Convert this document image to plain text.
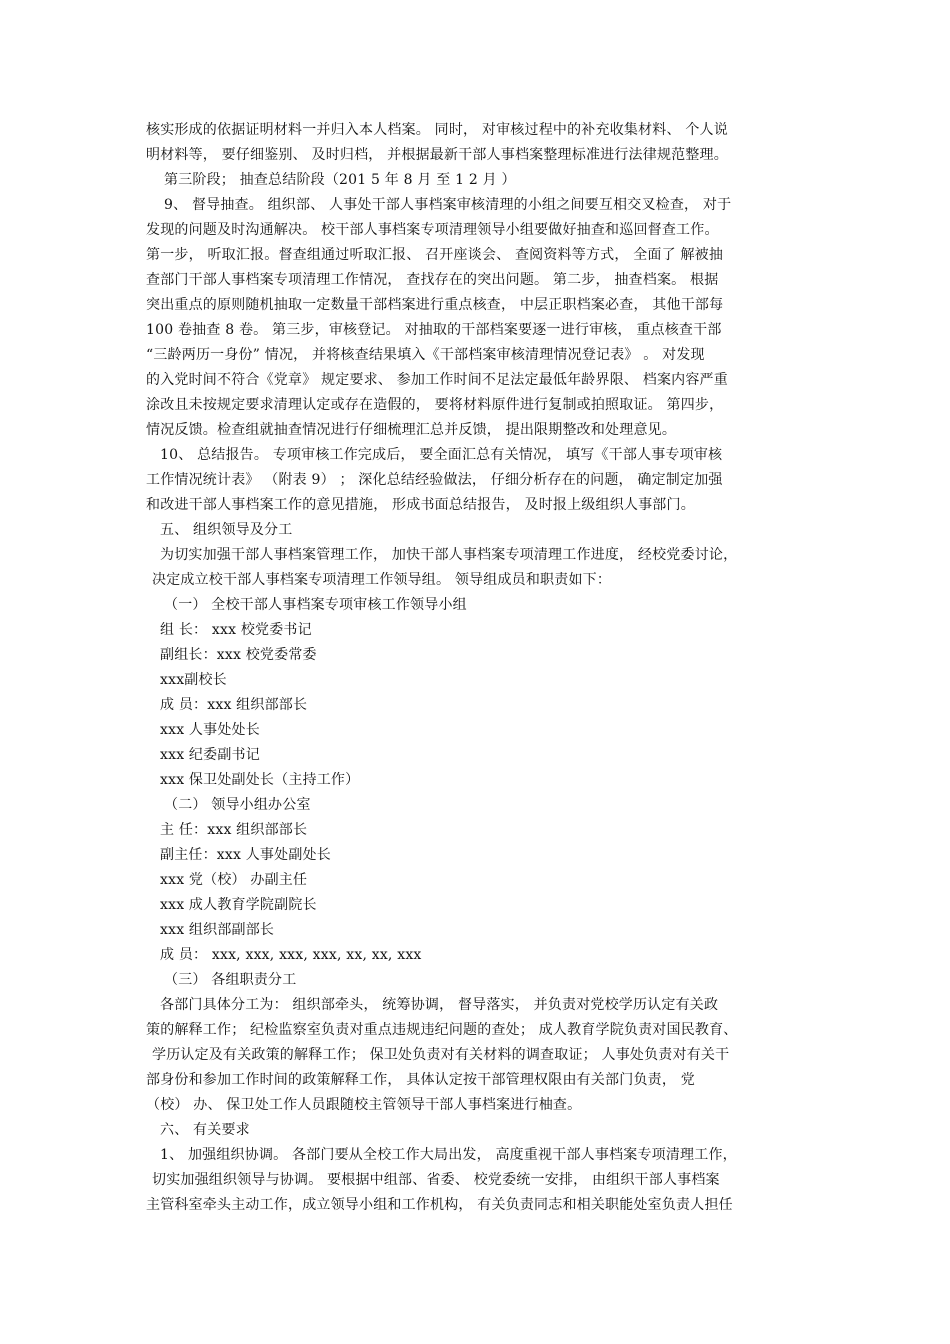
核实形成的依据证明材料一并归入本人档案。 同时， 对审核过程中的补充收集材料、 个人说
明材料等， 要仔细鉴别、 及时归档， 并根据最新干部人事档案整理标准进行法律规范整理。
第三阶段； 抽查总结阶段（201 5 年 8 月 至 1 2 月 ）
9、 督导抽查。 组织部、 人事处干部人事档案审核清理的小组之间要互相交叉检查， 对于
发现的问题及时沟通解决。 校干部人事档案专项清理领导小组要做好抽查和巡回督查工作。
第一步， 听取汇报。督查组通过听取汇报、 召开座谈会、 查阅资料等方式， 全面了 解被抽
查部门干部人事档案专项清理工作情况， 查找存在的突出问题。 第二步， 抽查档案。 根据
突出重点的原则随机抽取一定数量干部档案进行重点核查， 中层正职档案必查， 其他干部每
100 卷抽查 8 卷。 第三步，审核登记。 对抽取的干部档案要逐一进行审核， 重点核查干部
“三龄两历一身份” 情况， 并将核查结果填入《干部档案审核清理情况登记表》 。 对发现
的入党时间不符合《党章》 规定要求、 参加工作时间不足法定最低年龄界限、 档案内容严重
涂改且未按规定要求清理认定或存在造假的， 要将材料原件进行复制或拍照取证。 第四步，
情况反馈。检查组就抽查情况进行仔细梳理汇总并反馈， 提出限期整改和处理意见。
10、 总结报告。 专项审核工作完成后， 要全面汇总有关情况， 填写《干部人事专项审核
工作情况统计表》 （附表 9） ； 深化总结经验做法， 仔细分析存在的问题， 确定制定加强
和改进干部人事档案工作的意见措施， 形成书面总结报告， 及时报上级组织人事部门。
五、 组织领导及分工
为切实加强干部人事档案管理工作， 加快干部人事档案专项清理工作进度， 经校党委讨论，
决定成立校干部人事档案专项清理工作领导组。 领导组成员和职责如下：
（一） 全校干部人事档案专项审核工作领导小组
组 长： xxx 校党委书记
副组长：xxx 校党委常委
xxx副校长
成 员：xxx 组织部部长
xxx 人事处处长
xxx 纪委副书记
xxx 保卫处副处长（主持工作）
（二） 领导小组办公室
主 任：xxx 组织部部长
副主任：xxx 人事处副处长
xxx 党（校） 办副主任
xxx 成人教育学院副院长
xxx 组织部副部长
成 员： xxx, xxx, xxx, xxx, xx, xx, xxx
（三） 各组职责分工
各部门具体分工为： 组织部牵头， 统筹协调， 督导落实， 并负责对党校学历认定有关政
策的解释工作； 纪检监察室负责对重点违规违纪问题的查处； 成人教育学院负责对国民教育、
学历认定及有关政策的解释工作； 保卫处负责对有关材料的调查取证； 人事处负责对有关干
部身份和参加工作时间的政策解释工作， 具体认定按干部管理权限由有关部门负责， 党
（校） 办、 保卫处工作人员跟随校主管领导干部人事档案进行柚查。
六、 有关要求
1、 加强组织协调。 各部门要从全校工作大局出发， 高度重视干部人事档案专项清理工作，
切实加强组织领导与协调。 要根据中组部、省委、 校党委统一安排， 由组织干部人事档案
主管科室牵头主动工作，成立领导小组和工作机构， 有关负责同志和相关职能处室负责人担任
